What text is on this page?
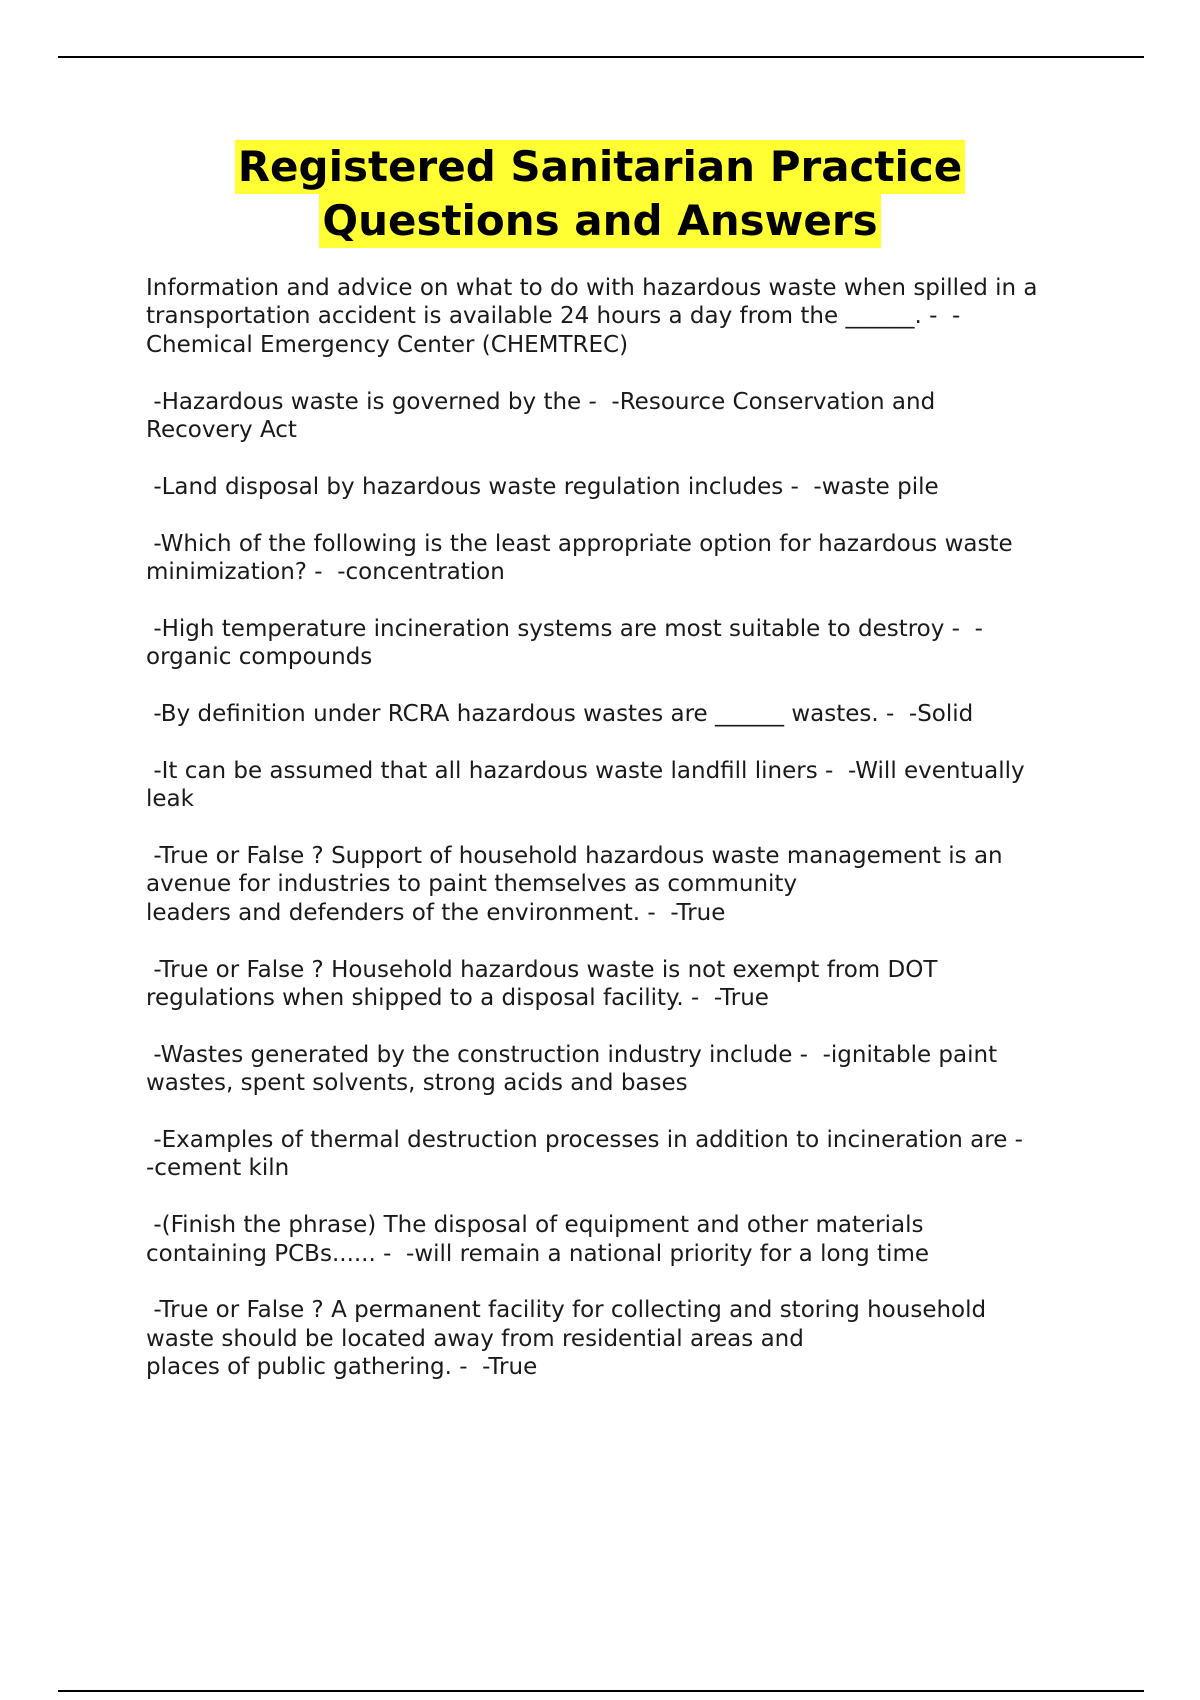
Registered Sanitarian Practice
Questions and Answers

Information and advice on what to do with hazardous waste when spilled in a
transportation accident is available 24 hours a day from the ______. -  -
Chemical Emergency Center (CHEMTREC)

-Hazardous waste is governed by the -  -Resource Conservation and
Recovery Act

-Land disposal by hazardous waste regulation includes -  -waste pile

-Which of the following is the least appropriate option for hazardous waste
minimization? -  -concentration

-High temperature incineration systems are most suitable to destroy -  -
organic compounds

-By definition under RCRA hazardous wastes are ______ wastes. -  -Solid

-It can be assumed that all hazardous waste landfill liners -  -Will eventually
leak

-True or False ? Support of household hazardous waste management is an
avenue for industries to paint themselves as community
leaders and defenders of the environment. -  -True

-True or False ? Household hazardous waste is not exempt from DOT
regulations when shipped to a disposal facility. -  -True

-Wastes generated by the construction industry include -  -ignitable paint
wastes, spent solvents, strong acids and bases

-Examples of thermal destruction processes in addition to incineration are -
-cement kiln

-(Finish the phrase) The disposal of equipment and other materials
containing PCBs...... -  -will remain a national priority for a long time

-True or False ? A permanent facility for collecting and storing household
waste should be located away from residential areas and
places of public gathering. -  -True
